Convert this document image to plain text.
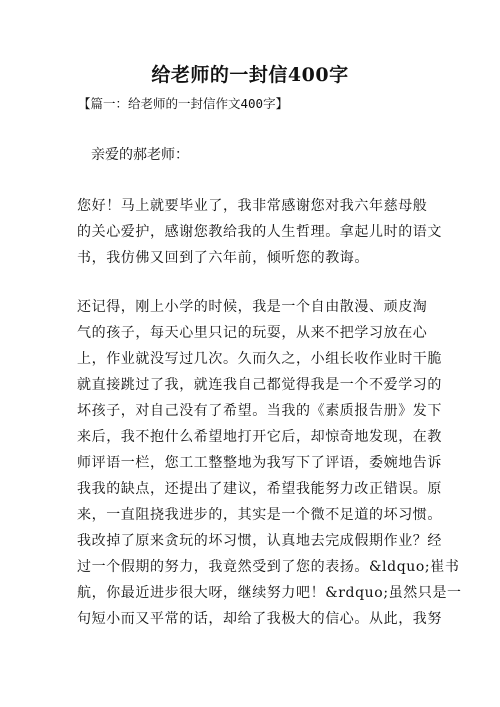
给老师的一封信400字
【篇一：给老师的一封信作文400字】
亲爱的郝老师：
您好！马上就要毕业了，我非常感谢您对我六年慈母般
的关心爱护，感谢您教给我的人生哲理。拿起儿时的语文
书，我仿佛又回到了六年前，倾听您的教诲。
还记得，刚上小学的时候，我是一个自由散漫、顽皮淘
气的孩子，每天心里只记的玩耍，从来不把学习放在心
上，作业就没写过几次。久而久之，小组长收作业时干脆
就直接跳过了我，就连我自己都觉得我是一个不爱学习的
坏孩子，对自己没有了希望。当我的《素质报告册》发下
来后，我不抱什么希望地打开它后，却惊奇地发现，在教
师评语一栏，您工工整整地为我写下了评语，委婉地告诉
我我的缺点，还提出了建议，希望我能努力改正错误。原
来，一直阻挠我进步的，其实是一个微不足道的坏习惯。
我改掉了原来贪玩的坏习惯，认真地去完成假期作业？经
过一个假期的努力，我竟然受到了您的表扬。&ldquo;崔书
航，你最近进步很大呀，继续努力吧！&rdquo;虽然只是一
句短小而又平常的话，却给了我极大的信心。从此，我努
